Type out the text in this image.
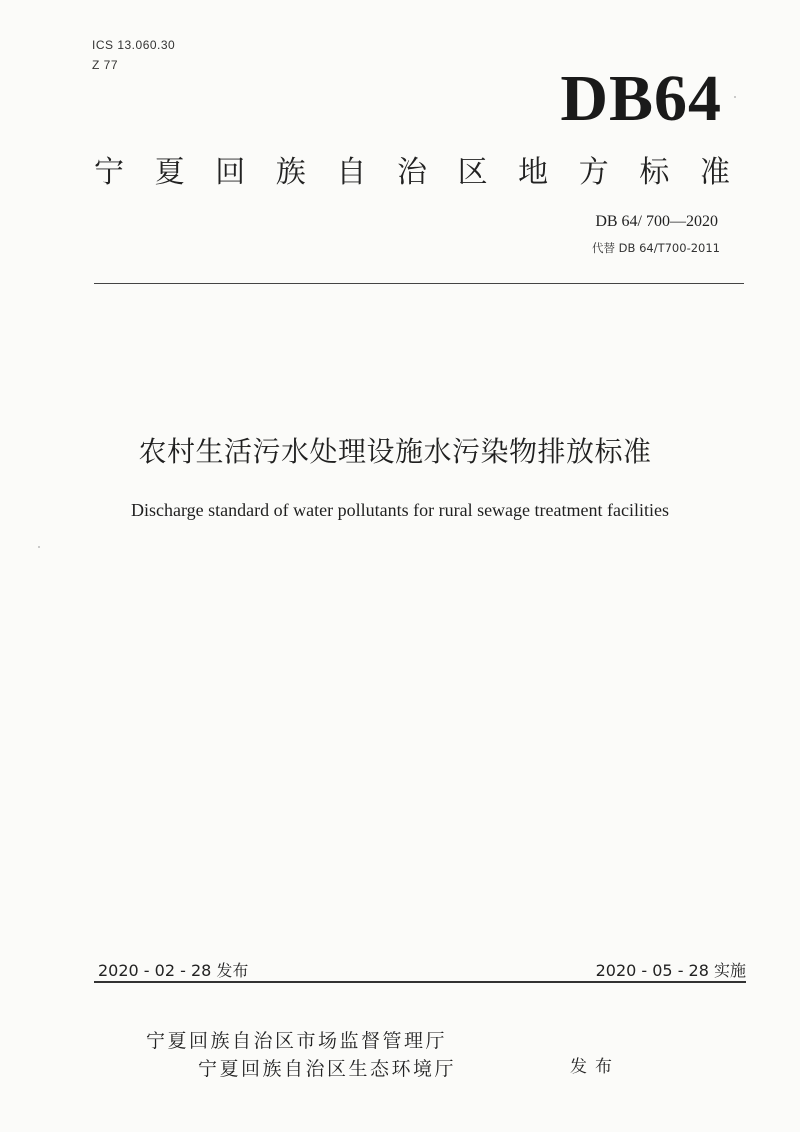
ICS 13.060.30
Z 77	DB64
宁 夏 回 族 自 治 区 地 方 标 准
DB 64/ 700—2020
代替 DB 64/T700-2011
农村生活污水处理设施水污染物排放标准
Discharge standard of water pollutants for rural sewage treatment facilities
2020 - 02 - 28 发布	2020 - 05 - 28 实施
宁夏回族自治区市场监督管理厅
宁夏回族自治区生态环境厅	发布
